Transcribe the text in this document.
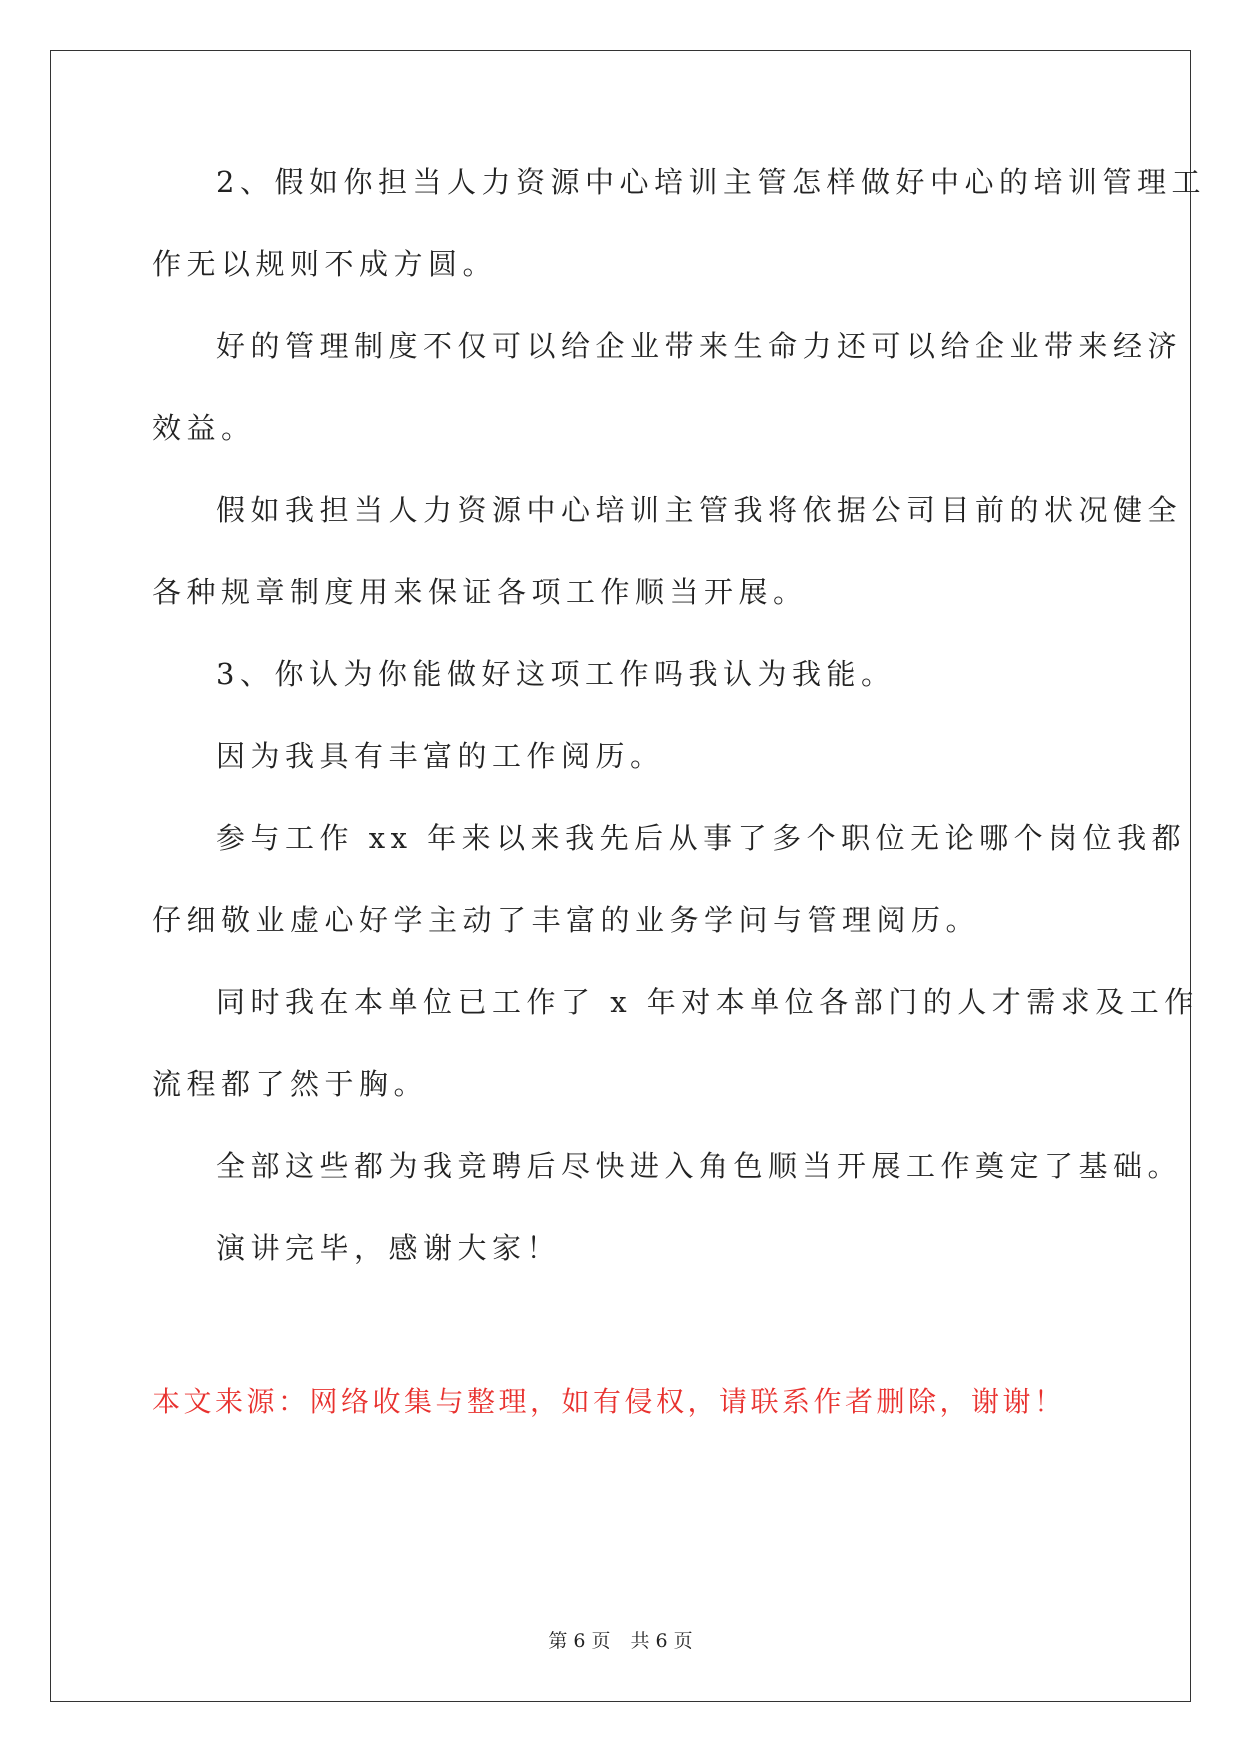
2、假如你担当人力资源中心培训主管怎样做好中心的培训管理工

作无以规则不成方圆。

好的管理制度不仅可以给企业带来生命力还可以给企业带来经济

效益。

假如我担当人力资源中心培训主管我将依据公司目前的状况健全

各种规章制度用来保证各项工作顺当开展。

3、你认为你能做好这项工作吗我认为我能。

因为我具有丰富的工作阅历。

参与工作 xx 年来以来我先后从事了多个职位无论哪个岗位我都

仔细敬业虚心好学主动了丰富的业务学问与管理阅历。

同时我在本单位已工作了 x 年对本单位各部门的人才需求及工作

流程都了然于胸。

全部这些都为我竞聘后尽快进入角色顺当开展工作奠定了基础。

演讲完毕，感谢大家！

本文来源：网络收集与整理，如有侵权，请联系作者删除，谢谢！
第 6 页 共 6 页
